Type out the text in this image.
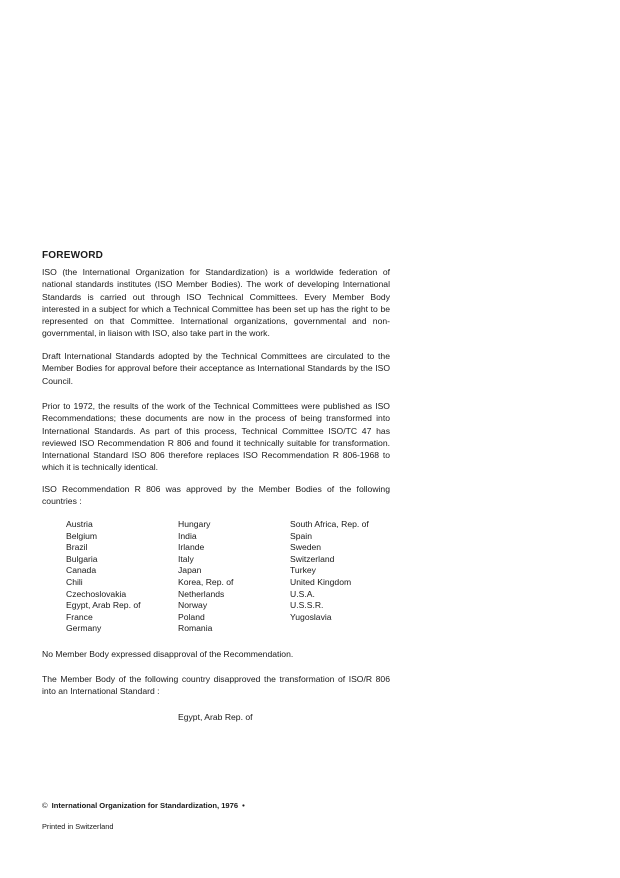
FOREWORD
ISO (the International Organization for Standardization) is a worldwide federation of national standards institutes (ISO Member Bodies). The work of developing International Standards is carried out through ISO Technical Committees. Every Member Body interested in a subject for which a Technical Committee has been set up has the right to be represented on that Committee. International organizations, governmental and non-governmental, in liaison with ISO, also take part in the work.
Draft International Standards adopted by the Technical Committees are circulated to the Member Bodies for approval before their acceptance as International Standards by the ISO Council.
Prior to 1972, the results of the work of the Technical Committees were published as ISO Recommendations; these documents are now in the process of being transformed into International Standards. As part of this process, Technical Committee ISO/TC 47 has reviewed ISO Recommendation R 806 and found it technically suitable for transformation. International Standard ISO 806 therefore replaces ISO Recommendation R 806-1968 to which it is technically identical.
ISO Recommendation R 806 was approved by the Member Bodies of the following countries :
Austria
Belgium
Brazil
Bulgaria
Canada
Chili
Czechoslovakia
Egypt, Arab Rep. of
France
Germany
Hungary
India
Irlande
Italy
Japan
Korea, Rep. of
Netherlands
Norway
Poland
Romania
South Africa, Rep. of
Spain
Sweden
Switzerland
Turkey
United Kingdom
U.S.A.
U.S.S.R.
Yugoslavia
No Member Body expressed disapproval of the Recommendation.
The Member Body of the following country disapproved the transformation of ISO/R 806 into an International Standard :
Egypt, Arab Rep. of
© International Organization for Standardization, 1976 •
Printed in Switzerland
